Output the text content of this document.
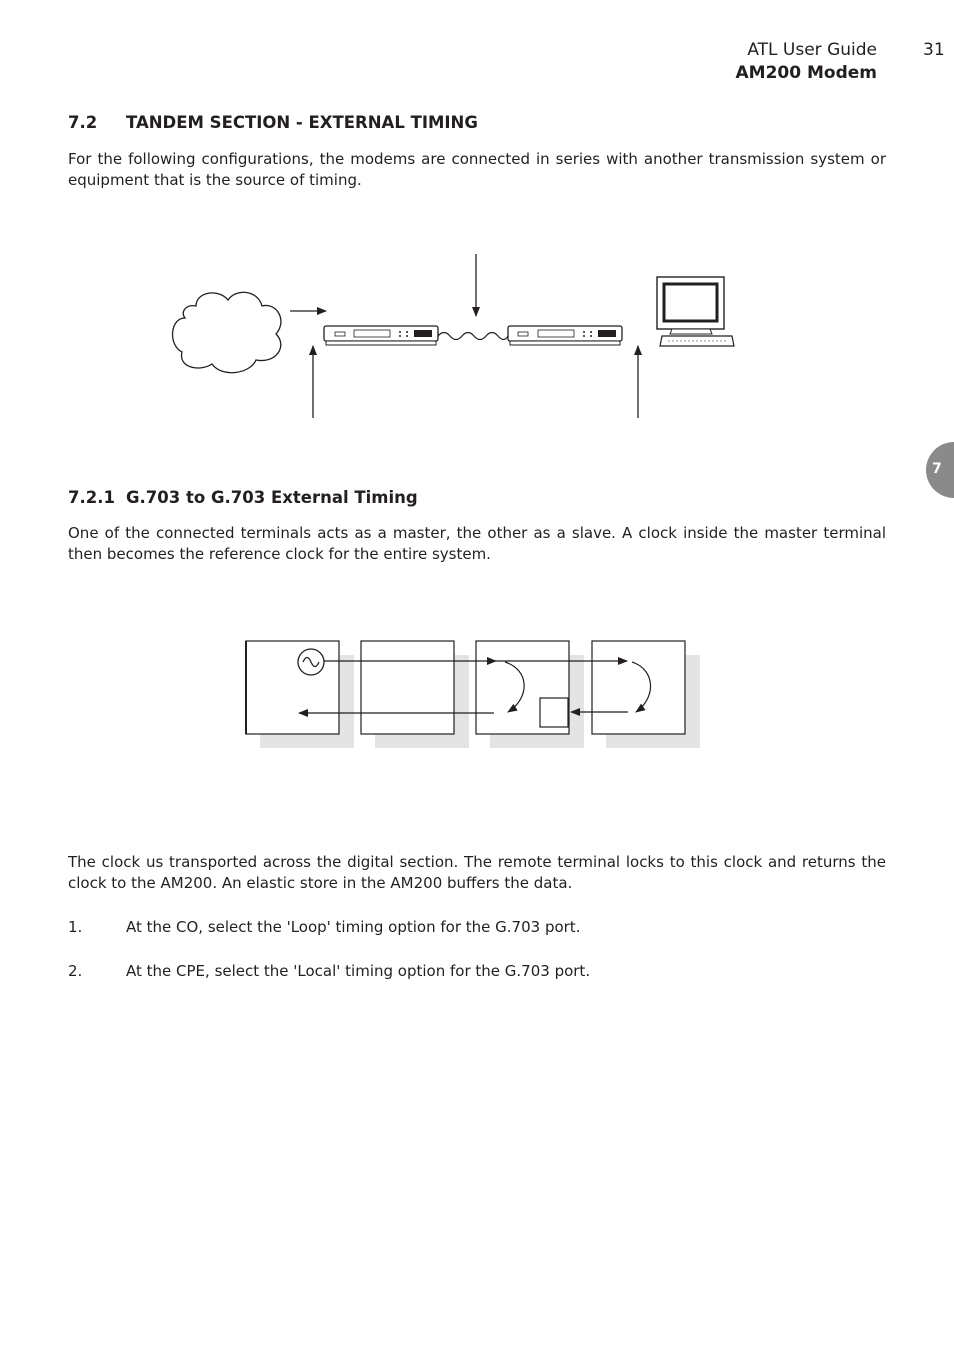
ATL User Guide
AM200 Modem
31
7.2 TANDEM SECTION - EXTERNAL TIMING
For the following configurations, the modems are connected in series with another transmission system or equipment that is the source of timing.
7
7.2.1 G.703 to G.703 External Timing
One of the connected terminals acts as a master, the other as a slave. A clock inside the master terminal then becomes the reference clock for the entire system.
The clock us transported across the digital section. The remote terminal locks to this clock and returns the clock to the AM200. An elastic store in the AM200 buffers the data.
1.	At the CO, select the 'Loop' timing option for the G.703 port.
2.	At the CPE, select the 'Local' timing option for the G.703 port.
